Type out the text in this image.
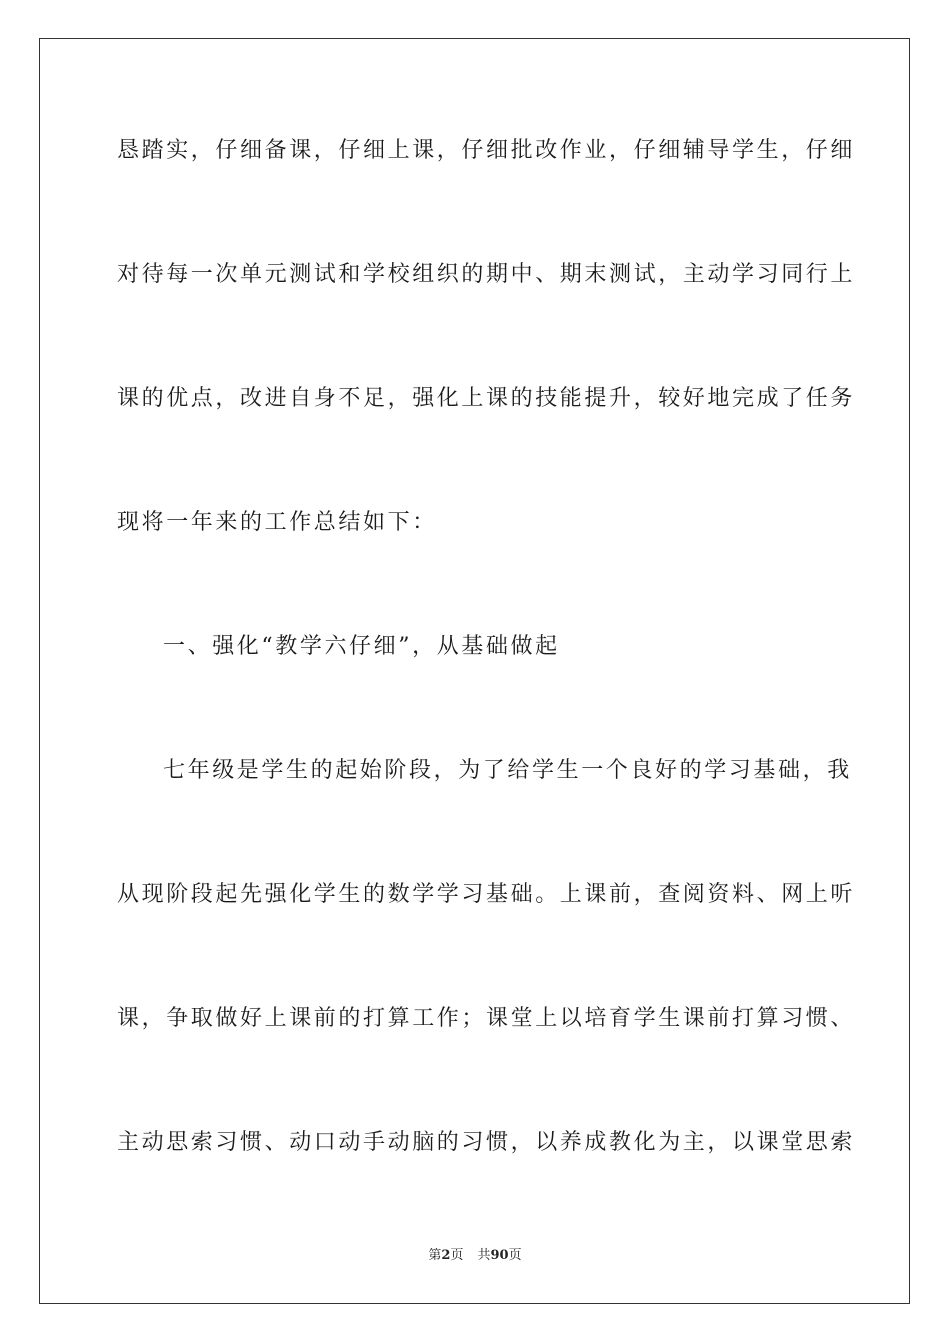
恳踏实，仔细备课，仔细上课，仔细批改作业，仔细辅导学生，仔细
对待每一次单元测试和学校组织的期中、期末测试，主动学习同行上
课的优点，改进自身不足，强化上课的技能提升，较好地完成了任务
现将一年来的工作总结如下：
一、强化“教学六仔细”，从基础做起
七年级是学生的起始阶段，为了给学生一个良好的学习基础，我
从现阶段起先强化学生的数学学习基础。上课前，查阅资料、网上听
课，争取做好上课前的打算工作；课堂上以培育学生课前打算习惯、
主动思索习惯、动口动手动脑的习惯，以养成教化为主，以课堂思索
第2页 共90页
